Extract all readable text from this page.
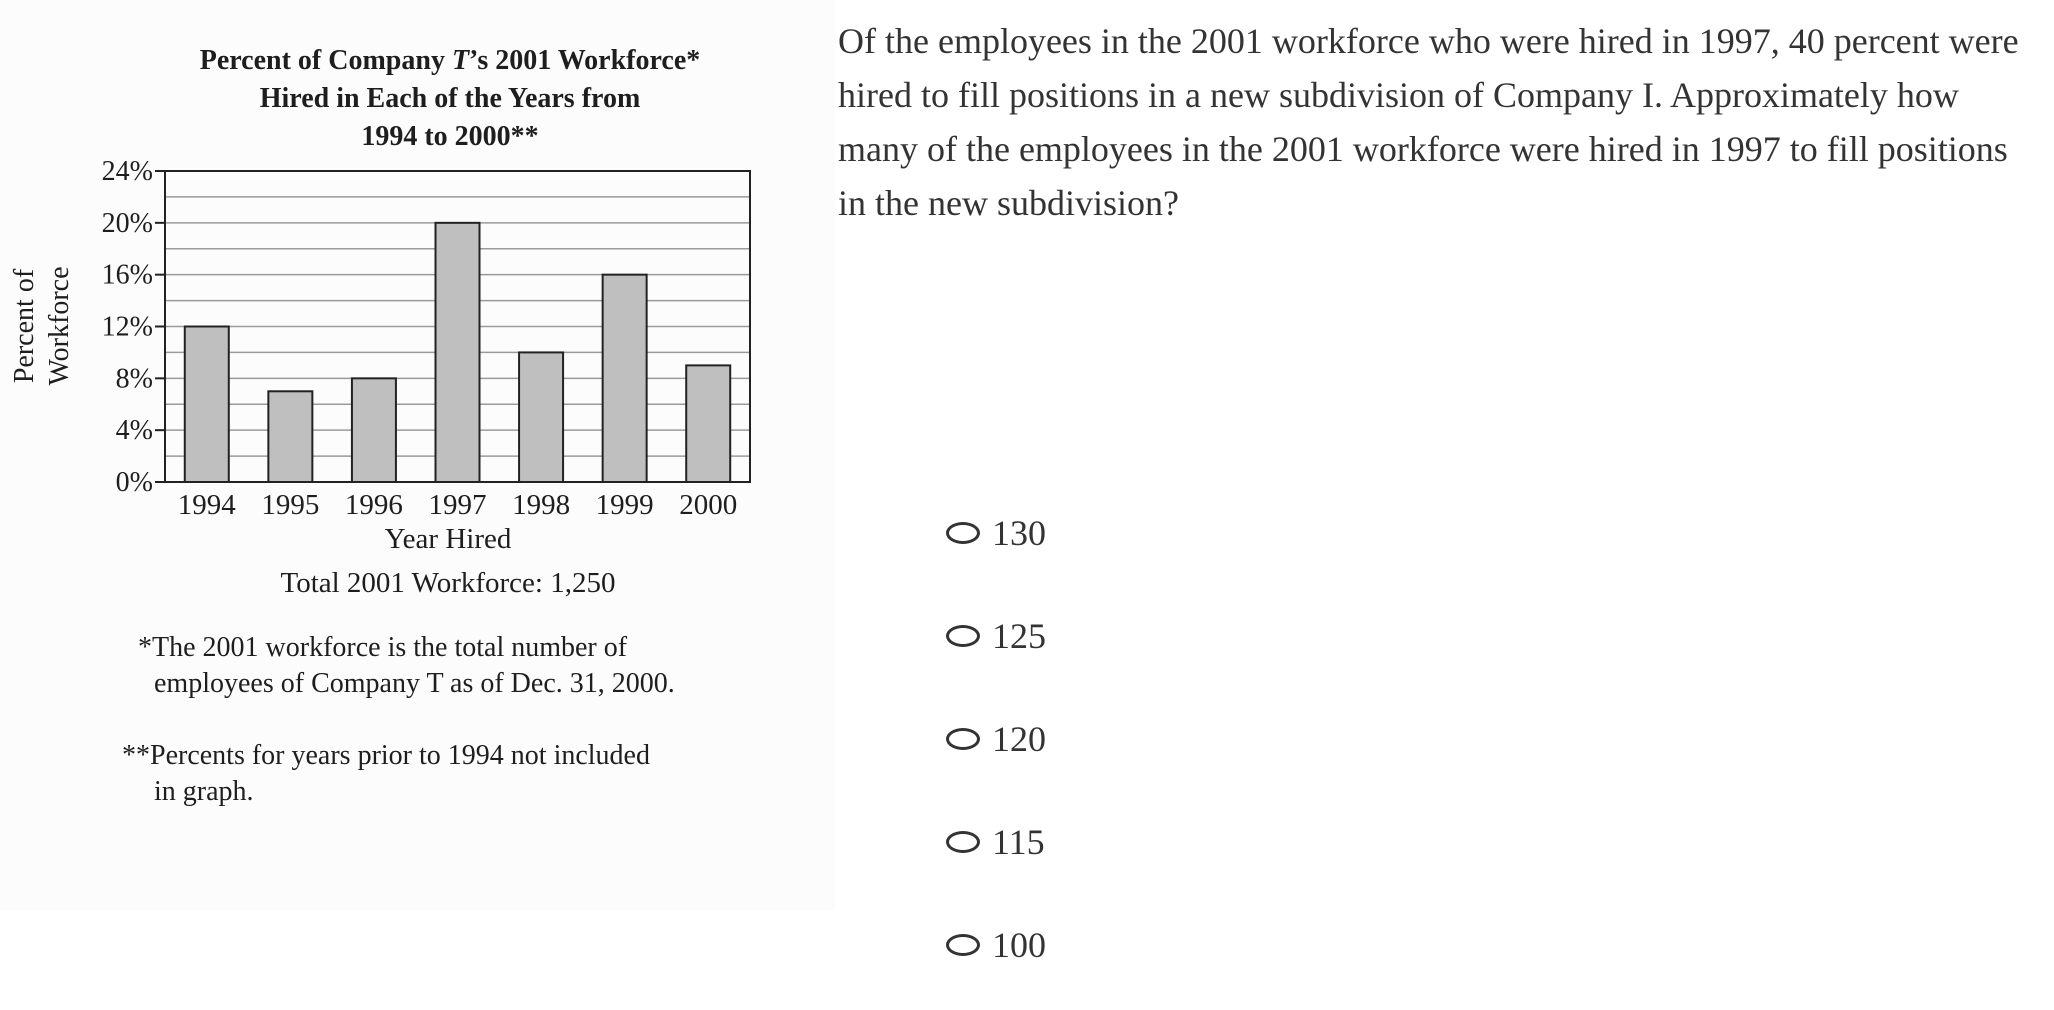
Percent of Company T’s 2001 Workforce*
Hired in Each of the Years from
1994 to 2000**
Percent of Workforce
0%
4%
8%
12%
16%
20%
24%
1994 1995 1996 1997 1998 1999 2000
Year Hired
Total 2001 Workforce: 1,250
*The 2001 workforce is the total number of
employees of Company T as of Dec. 31, 2000.
**Percents for years prior to 1994 not included
in graph.

Of the employees in the 2001 workforce who were hired in 1997, 40 percent were hired to fill positions in a new subdivision of Company I. Approximately how many of the employees in the 2001 workforce were hired in 1997 to fill positions in the new subdivision?

130
125
120
115
100
